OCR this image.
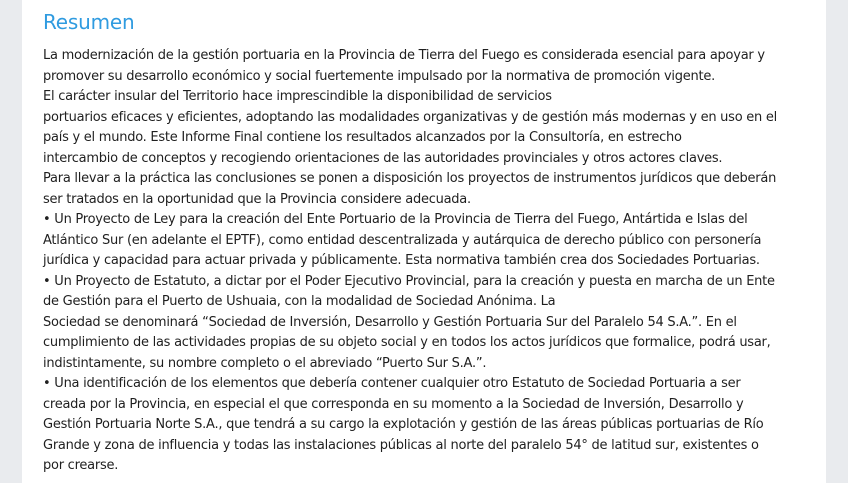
Resumen
La modernización de la gestión portuaria en la Provincia de Tierra del Fuego es considerada esencial para apoyar y
promover su desarrollo económico y social fuertemente impulsado por la normativa de promoción vigente.
El carácter insular del Territorio hace imprescindible la disponibilidad de servicios
portuarios eficaces y eficientes, adoptando las modalidades organizativas y de gestión más modernas y en uso en el
país y el mundo. Este Informe Final contiene los resultados alcanzados por la Consultoría, en estrecho
intercambio de conceptos y recogiendo orientaciones de las autoridades provinciales y otros actores claves.
Para llevar a la práctica las conclusiones se ponen a disposición los proyectos de instrumentos jurídicos que deberán
ser tratados en la oportunidad que la Provincia considere adecuada.
• Un Proyecto de Ley para la creación del Ente Portuario de la Provincia de Tierra del Fuego, Antártida e Islas del
Atlántico Sur (en adelante el EPTF), como entidad descentralizada y autárquica de derecho público con personería
jurídica y capacidad para actuar privada y públicamente. Esta normativa también crea dos Sociedades Portuarias.
• Un Proyecto de Estatuto, a dictar por el Poder Ejecutivo Provincial, para la creación y puesta en marcha de un Ente
de Gestión para el Puerto de Ushuaia, con la modalidad de Sociedad Anónima. La
Sociedad se denominará “Sociedad de Inversión, Desarrollo y Gestión Portuaria Sur del Paralelo 54 S.A.”. En el
cumplimiento de las actividades propias de su objeto social y en todos los actos jurídicos que formalice, podrá usar,
indistintamente, su nombre completo o el abreviado “Puerto Sur S.A.”.
• Una identificación de los elementos que debería contener cualquier otro Estatuto de Sociedad Portuaria a ser
creada por la Provincia, en especial el que corresponda en su momento a la Sociedad de Inversión, Desarrollo y
Gestión Portuaria Norte S.A., que tendrá a su cargo la explotación y gestión de las áreas públicas portuarias de Río
Grande y zona de influencia y todas las instalaciones públicas al norte del paralelo 54° de latitud sur, existentes o
por crearse.
